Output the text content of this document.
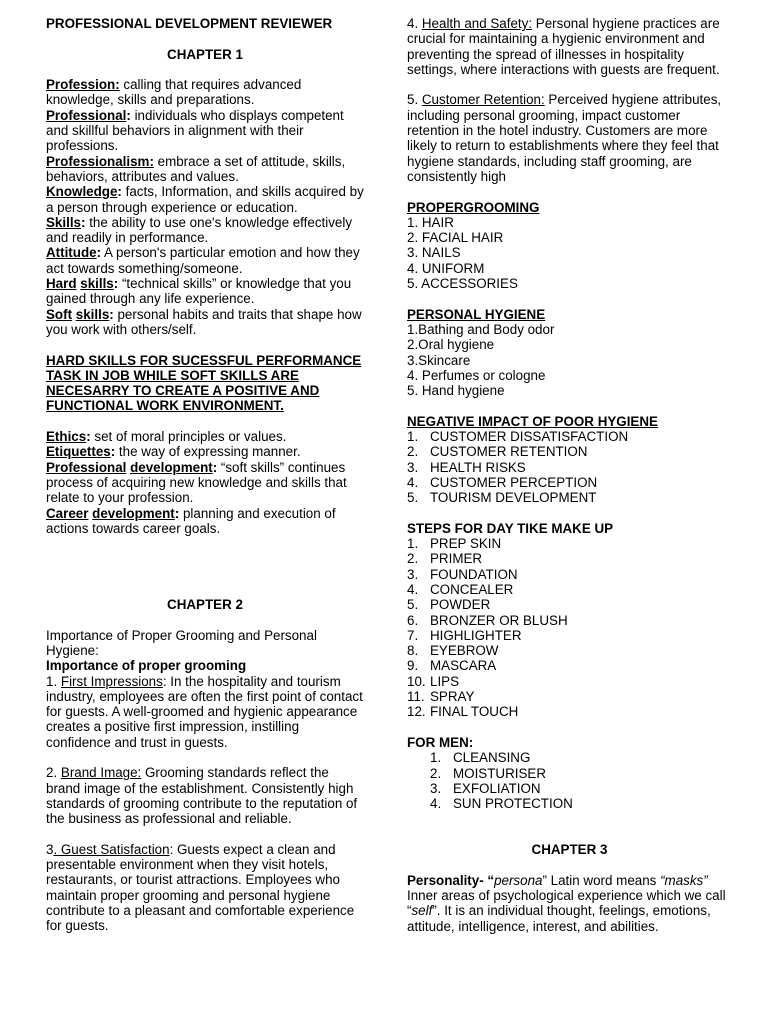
PROFESSIONAL DEVELOPMENT REVIEWER

CHAPTER 1

Profession: calling that requires advanced knowledge, skills and preparations.

Professional: individuals who displays competent and skillful behaviors in alignment with their professions.

Professionalism: embrace a set of attitude, skills, behaviors, attributes and values.

Knowledge: facts, Information, and skills acquired by a person through experience or education.

Skills: the ability to use one's knowledge effectively and readily in performance.

Attitude: A person's particular emotion and how they act towards something/someone.

Hard skills: “technical skills” or knowledge that you gained through any life experience.

Soft skills: personal habits and traits that shape how you work with others/self.

HARD SKILLS FOR SUCESSFUL PERFORMANCE TASK IN JOB WHILE SOFT SKILLS ARE NECESARRY TO CREATE A POSITIVE AND FUNCTIONAL WORK ENVIRONMENT.

Ethics: set of moral principles or values.

Etiquettes: the way of expressing manner.

Professional development: “soft skills” continues process of acquiring new knowledge and skills that relate to your profession.

Career development: planning and execution of actions towards career goals.

CHAPTER 2

Importance of Proper Grooming and Personal Hygiene:

Importance of proper grooming

1. First Impressions: In the hospitality and tourism industry, employees are often the first point of contact for guests. A well-groomed and hygienic appearance creates a positive first impression, instilling confidence and trust in guests.

2. Brand Image: Grooming standards reflect the brand image of the establishment. Consistently high standards of grooming contribute to the reputation of the business as professional and reliable.

3. Guest Satisfaction: Guests expect a clean and presentable environment when they visit hotels, restaurants, or tourist attractions. Employees who maintain proper grooming and personal hygiene contribute to a pleasant and comfortable experience for guests.

4. Health and Safety: Personal hygiene practices are crucial for maintaining a hygienic environment and preventing the spread of illnesses in hospitality settings, where interactions with guests are frequent.

5. Customer Retention: Perceived hygiene attributes, including personal grooming, impact customer retention in the hotel industry. Customers are more likely to return to establishments where they feel that hygiene standards, including staff grooming, are consistently high

PROPERGROOMING

1. HAIR

2. FACIAL HAIR

3. NAILS

4. UNIFORM

5. ACCESSORIES

PERSONAL HYGIENE

1.Bathing and Body odor

2.Oral hygiene

3.Skincare

4. Perfumes or cologne

5. Hand hygiene

NEGATIVE IMPACT OF POOR HYGIENE

1. CUSTOMER DISSATISFACTION
2. CUSTOMER RETENTION
3. HEALTH RISKS
4. CUSTOMER PERCEPTION
5. TOURISM DEVELOPMENT

STEPS FOR DAY TIKE MAKE UP

1. PREP SKIN
2. PRIMER
3. FOUNDATION
4. CONCEALER
5. POWDER
6. BRONZER OR BLUSH
7. HIGHLIGHTER
8. EYEBROW
9. MASCARA
10. LIPS
11. SPRAY
12. FINAL TOUCH

FOR MEN:

1. CLEANSING
2. MOISTURISER
3. EXFOLIATION
4. SUN PROTECTION

CHAPTER 3

Personality- “persona” Latin word means “masks” Inner areas of psychological experience which we call “self”. It is an individual thought, feelings, emotions, attitude, intelligence, interest, and abilities.
